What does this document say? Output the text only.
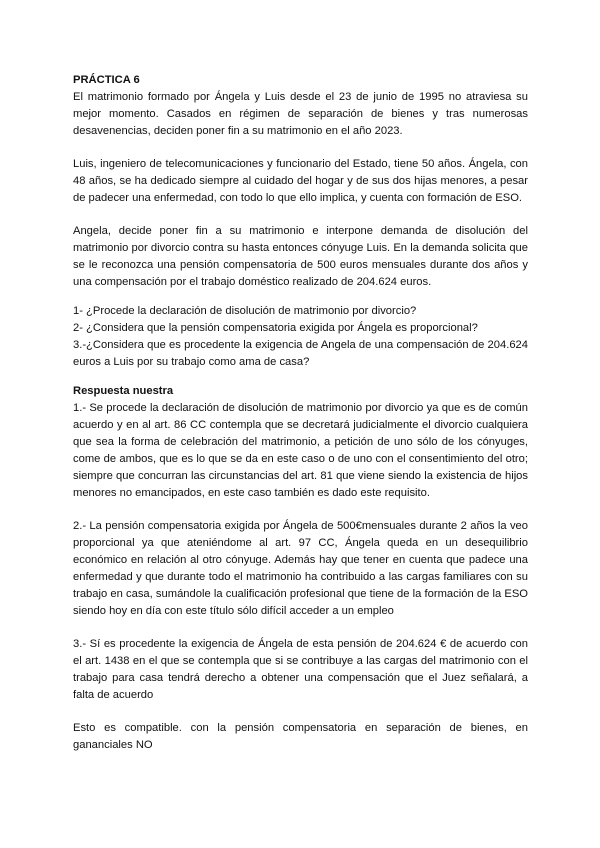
PRÁCTICA 6

El matrimonio formado por Ángela y Luis desde el 23 de junio de 1995 no atraviesa su mejor momento. Casados en régimen de separación de bienes y tras numerosas desavenencias, deciden poner fin a su matrimonio en el año 2023.

Luis, ingeniero de telecomunicaciones y funcionario del Estado, tiene 50 años. Ángela, con 48 años, se ha dedicado siempre al cuidado del hogar y de sus dos hijas menores, a pesar de padecer una enfermedad, con todo lo que ello implica, y cuenta con formación de ESO.

Angela, decide poner fin a su matrimonio e interpone demanda de disolución del matrimonio por divorcio contra su hasta entonces cónyuge Luis. En la demanda solicita que se le reconozca una pensión compensatoria de 500 euros mensuales durante dos años y una compensación por el trabajo doméstico realizado de 204.624 euros.

1- ¿Procede la declaración de disolución de matrimonio por divorcio?

2- ¿Considera que la pensión compensatoria exigida por Ángela es proporcional?

3.-¿Considera que es procedente la exigencia de Angela de una compensación de 204.624 euros a Luis por su trabajo como ama de casa?

Respuesta nuestra

1.- Se procede la declaración de disolución de matrimonio por divorcio ya que es de común acuerdo y en al art. 86 CC contempla que se decretará judicialmente el divorcio cualquiera que sea la forma de celebración del matrimonio, a petición de uno sólo de los cónyuges, come de ambos, que es lo que se da en este caso o de uno con el consentimiento del otro; siempre que concurran las circunstancias del art. 81 que viene siendo la existencia de hijos menores no emancipados, en este caso también es dado este requisito.

2.- La pensión compensatoria exigida por Ángela de 500€mensuales durante 2 años la veo proporcional ya que ateniéndome al art. 97 CC, Ángela queda en un desequilibrio económico en relación al otro cónyuge. Además hay que tener en cuenta que padece una enfermedad y que durante todo el matrimonio ha contribuido a las cargas familiares con su trabajo en casa, sumándole la cualificación profesional que tiene de la formación de la ESO siendo hoy en día con este título sólo difícil acceder a un empleo

3.- Sí es procedente la exigencia de Ángela de esta pensión de 204.624 € de acuerdo con el art. 1438 en el que se contempla que si se contribuye a las cargas del matrimonio con el trabajo para casa tendrá derecho a obtener una compensación que el Juez señalará, a falta de acuerdo

Esto es compatible. con la pensión compensatoria en separación de bienes, en gananciales NO
